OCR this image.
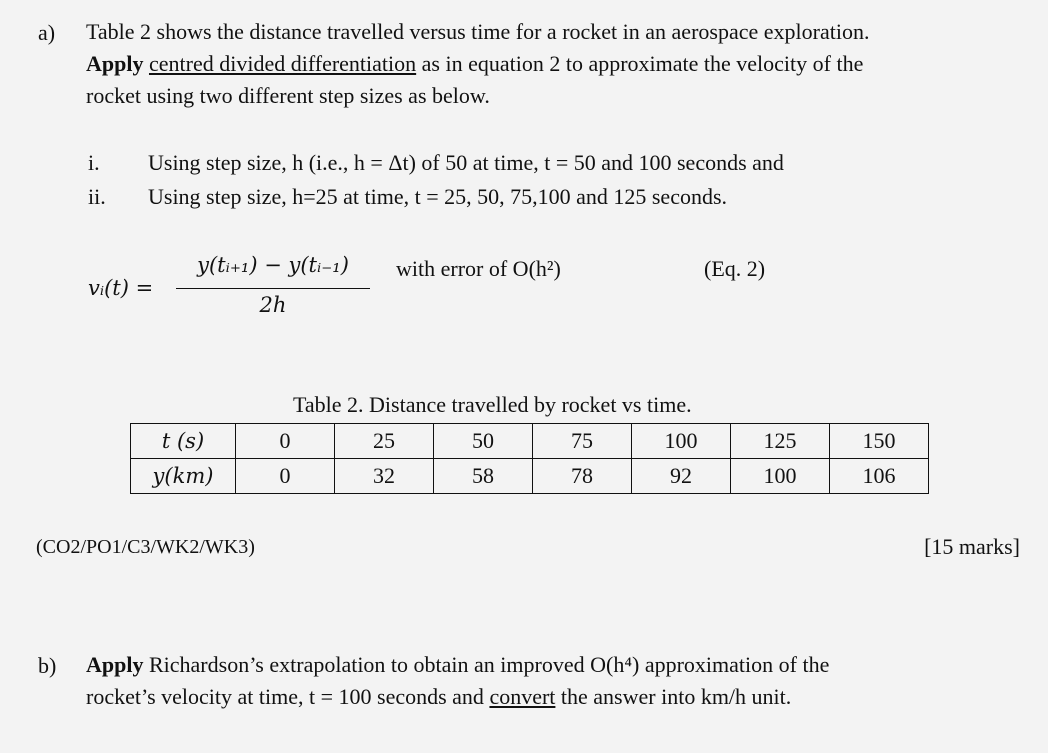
a) Table 2 shows the distance travelled versus time for a rocket in an aerospace exploration.
Apply centred divided differentiation as in equation 2 to approximate the velocity of the
rocket using two different step sizes as below.
i. Using step size, h (i.e., h = Δt) of 50 at time, t = 50 and 100 seconds and
ii. Using step size, h=25 at time, t = 25, 50, 75,100 and 125 seconds.
vᵢ(t) =
y(tᵢ₊₁) − y(tᵢ₋₁)
2h
with error of O(h²)	(Eq. 2)
Table 2. Distance travelled by rocket vs time.
t (s)	0	25	50	75	100	125	150
y(km)	0	32	58	78	92	100	106
(CO2/PO1/C3/WK2/WK3)	[15 marks]
b) Apply Richardson’s extrapolation to obtain an improved O(h⁴) approximation of the
rocket’s velocity at time, t = 100 seconds and convert the answer into km/h unit.
